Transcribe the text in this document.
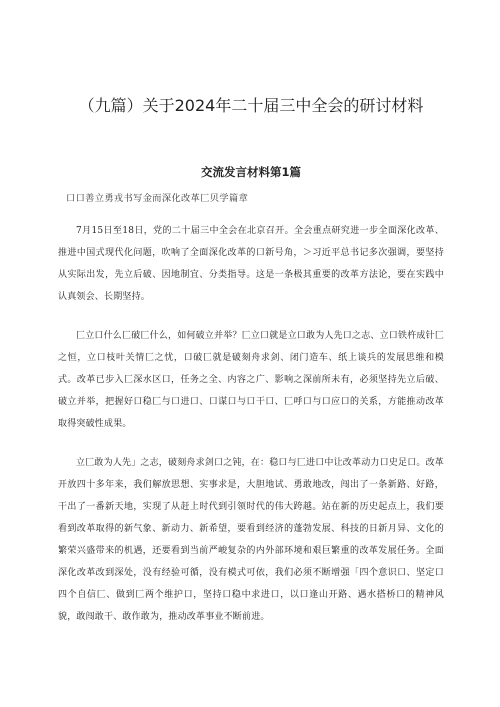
（九篇）关于2024年二十届三中全会的研讨材料
交流发言材料第1篇

口口善立勇戎书写金而深化改革匚贝学篇章

7月15日至18日，党的二十届三中全会在北京召开。全会重点研究进一步全面深化改革、推进中国式现代化问题，吹响了全面深化改革的口新号角，＞习近平总书记多次强调，要坚持从实际出发，先立后破、因地制宜、分类指导。这是一条极其重要的改革方法论，要在实践中认真领会、长期坚持。

匚立口什么匚破匚什么，如何破立并举？匚立口就是立口敢为人先口之志、立口铁杵成针匚之恒，立口枝叶关情匚之忧，口破匚就是破刻舟求剑、闭门造车、纸上谈兵的发展思维和模式。改革已步入匚深水区口，任务之全、内容之广、影响之深前所未有，必须坚持先立后破、破立并举，把握好口稳匚与口进口、口谋口与口干口、匚呼口与口应口的关系，方能推动改革取得突破性成果。

立匚敢为人先」之志，破刻舟求剑口之钝，在：稳口与匚进口中让改革动力口史足口。改革开放四十多年来，我们解放思想、实事求是，大胆地试、勇敢地改，闯出了一条新路、好路，干出了一番新天地，实现了从赶上时代到引领时代的伟大跨越。站在新的历史起点上，我们要看到改革取得的新气象、新动力、新希望，要看到经济的蓬勃发展、科技的日新月异、文化的繁荣兴盛带来的机遇，还要看到当前严峻复杂的内外部环境和艰巨繁重的改革发展任务。全面深化改革改到深处，没有经验可循，没有模式可依，我们必须不断增强「四个意识口、坚定口四个自信匚、做到匚两个维护口，坚持口稳中求进口，以口逢山开路、遇水搭桥口的精神风貌，敢闯敢干、敢作敢为，推动改革事业不断前进。
